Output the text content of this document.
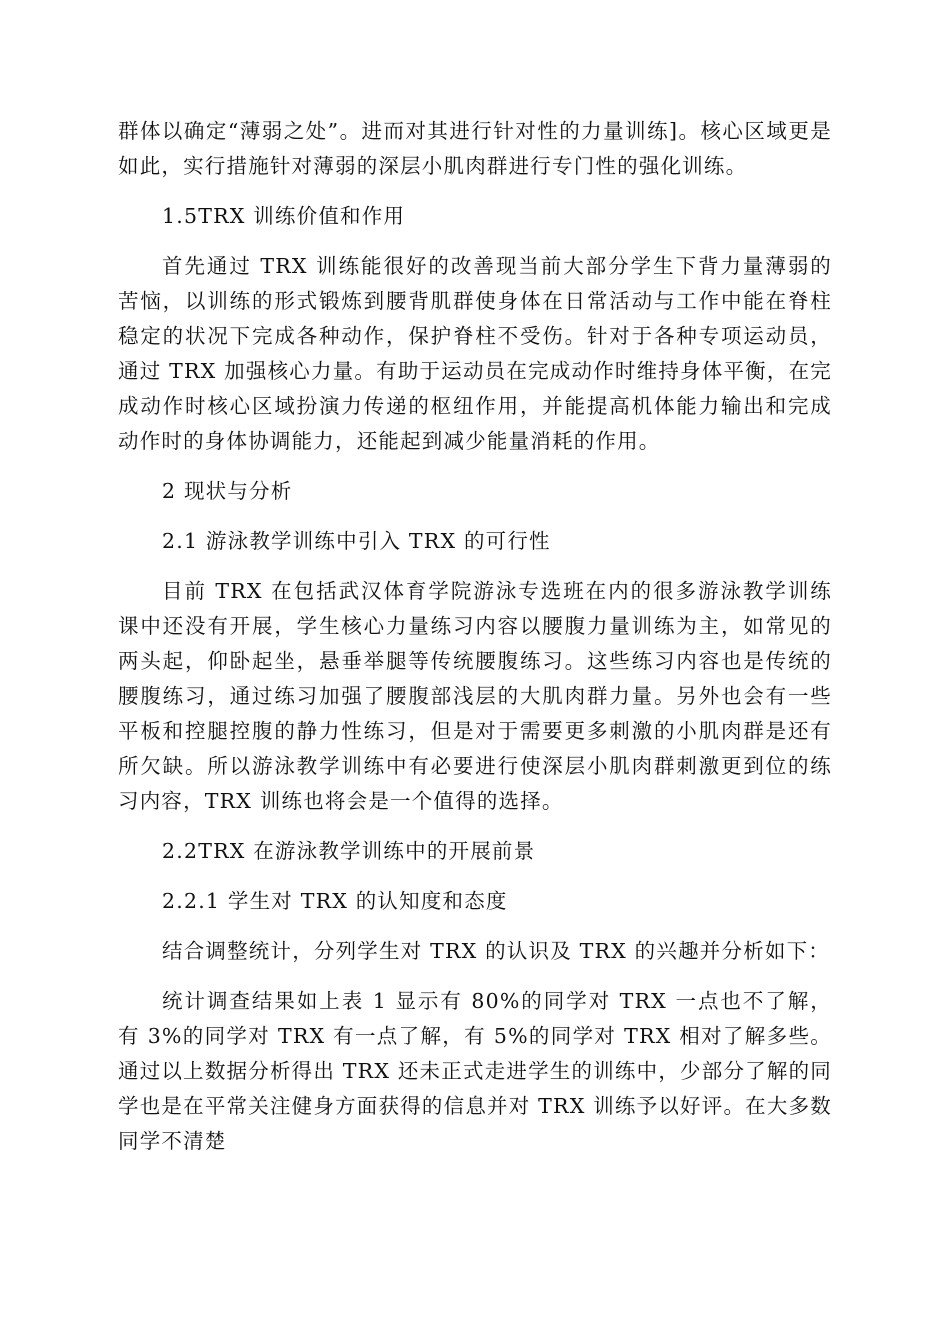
群体以确定“薄弱之处”。进而对其进行针对性的力量训练]。核心区域更是如此，实行措施针对薄弱的深层小肌肉群进行专门性的强化训练。

1.5TRX 训练价值和作用

首先通过 TRX 训练能很好的改善现当前大部分学生下背力量薄弱的苦恼，以训练的形式锻炼到腰背肌群使身体在日常活动与工作中能在脊柱稳定的状况下完成各种动作，保护脊柱不受伤。针对于各种专项运动员，通过 TRX 加强核心力量。有助于运动员在完成动作时维持身体平衡，在完成动作时核心区域扮演力传递的枢纽作用，并能提高机体能力输出和完成动作时的身体协调能力，还能起到减少能量消耗的作用。

2 现状与分析

2.1 游泳教学训练中引入 TRX 的可行性

目前 TRX 在包括武汉体育学院游泳专选班在内的很多游泳教学训练课中还没有开展，学生核心力量练习内容以腰腹力量训练为主，如常见的两头起，仰卧起坐，悬垂举腿等传统腰腹练习。这些练习内容也是传统的腰腹练习，通过练习加强了腰腹部浅层的大肌肉群力量。另外也会有一些平板和控腿控腹的静力性练习，但是对于需要更多刺激的小肌肉群是还有所欠缺。所以游泳教学训练中有必要进行使深层小肌肉群刺激更到位的练习内容，TRX 训练也将会是一个值得的选择。

2.2TRX 在游泳教学训练中的开展前景

2.2.1 学生对 TRX 的认知度和态度

结合调整统计，分列学生对 TRX 的认识及 TRX 的兴趣并分析如下：

统计调查结果如上表 1 显示有 80%的同学对 TRX 一点也不了解，有 3%的同学对 TRX 有一点了解，有 5%的同学对 TRX 相对了解多些。通过以上数据分析得出 TRX 还未正式走进学生的训练中，少部分了解的同学也是在平常关注健身方面获得的信息并对 TRX 训练予以好评。在大多数同学不清楚
